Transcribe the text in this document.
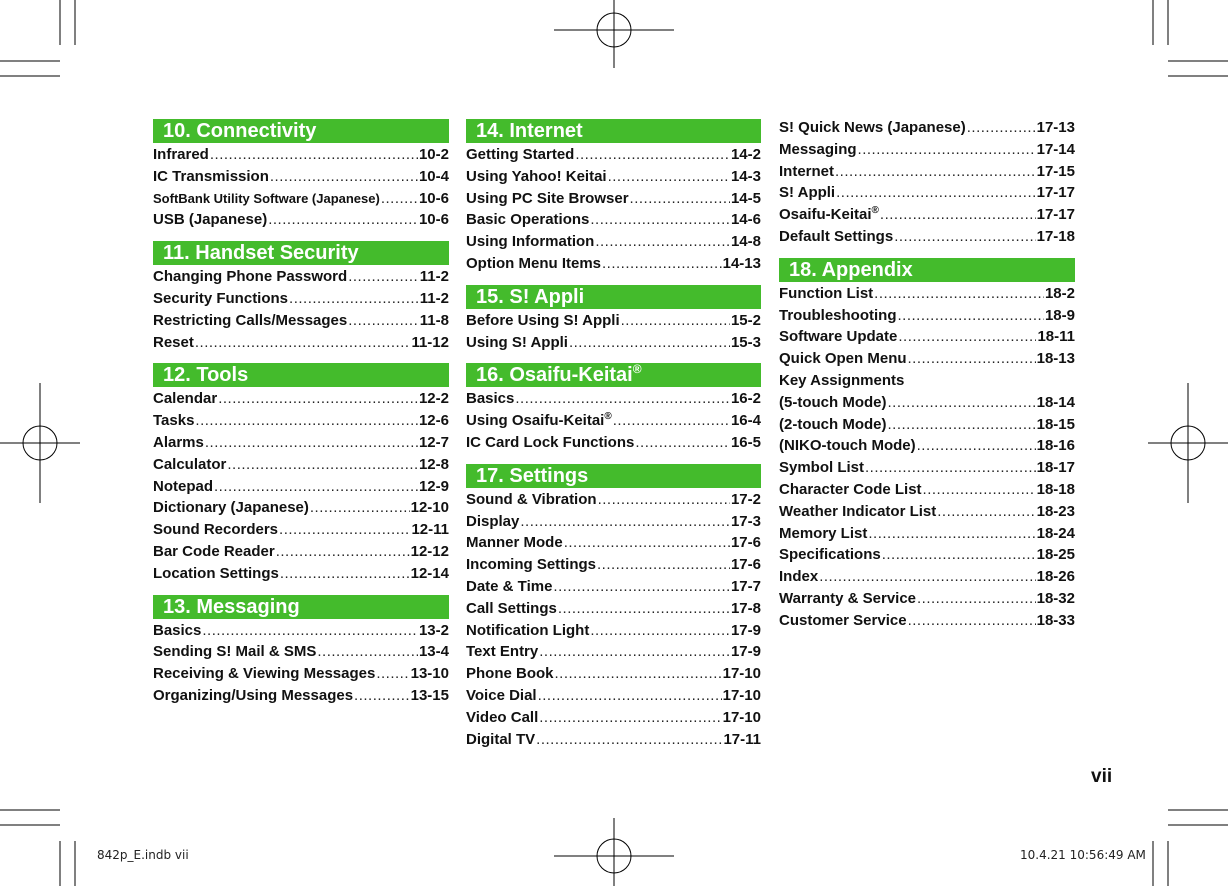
10. Connectivity
Infrared .....	10-2
IC Transmission .....	10-4
SoftBank Utility Software (Japanese) .....	10-6
USB (Japanese) .....	10-6
11. Handset Security
Changing Phone Password .....	11-2
Security Functions .....	11-2
Restricting Calls/Messages .....	11-8
Reset .....	11-12
12. Tools
Calendar .....	12-2
Tasks .....	12-6
Alarms .....	12-7
Calculator .....	12-8
Notepad .....	12-9
Dictionary (Japanese) .....	12-10
Sound Recorders .....	12-11
Bar Code Reader .....	12-12
Location Settings .....	12-14
13. Messaging
Basics .....	13-2
Sending S! Mail & SMS .....	13-4
Receiving & Viewing Messages ..... 13-10
Organizing/Using Messages .....	13-15
14. Internet
Getting Started .....	14-2
Using Yahoo! Keitai .....	14-3
Using PC Site Browser .....	14-5
Basic Operations .....	14-6
Using Information .....	14-8
Option Menu Items .....	14-13
15. S! Appli
Before Using S! Appli .....	15-2
Using S! Appli .....	15-3
16. Osaifu-Keitai®
Basics .....	16-2
Using Osaifu-Keitai® .....	16-4
IC Card Lock Functions .....	16-5
17. Settings
Sound & Vibration .....	17-2
Display .....	17-3
Manner Mode .....	17-6
Incoming Settings .....	17-6
Date & Time .....	17-7
Call Settings .....	17-8
Notification Light .....	17-9
Text Entry .....	17-9
Phone Book .....	17-10
Voice Dial .....	17-10
Video Call .....	17-10
Digital TV .....	17-11
S! Quick News (Japanese) .....	17-13
Messaging .....	17-14
Internet .....	17-15
S! Appli .....	17-17
Osaifu-Keitai® .....	17-17
Default Settings .....	17-18
18. Appendix
Function List .....	18-2
Troubleshooting .....	18-9
Software Update .....	18-11
Quick Open Menu .....	18-13
Key Assignments
(5-touch Mode) .....	18-14
(2-touch Mode) .....	18-15
(NIKO-touch Mode) .....	18-16
Symbol List .....	18-17
Character Code List .....	18-18
Weather Indicator List .....	18-23
Memory List .....	18-24
Specifications .....	18-25
Index .....	18-26
Warranty & Service .....	18-32
Customer Service .....	18-33
vii
842p_E.indb vii	10.4.21 10:56:49 AM
